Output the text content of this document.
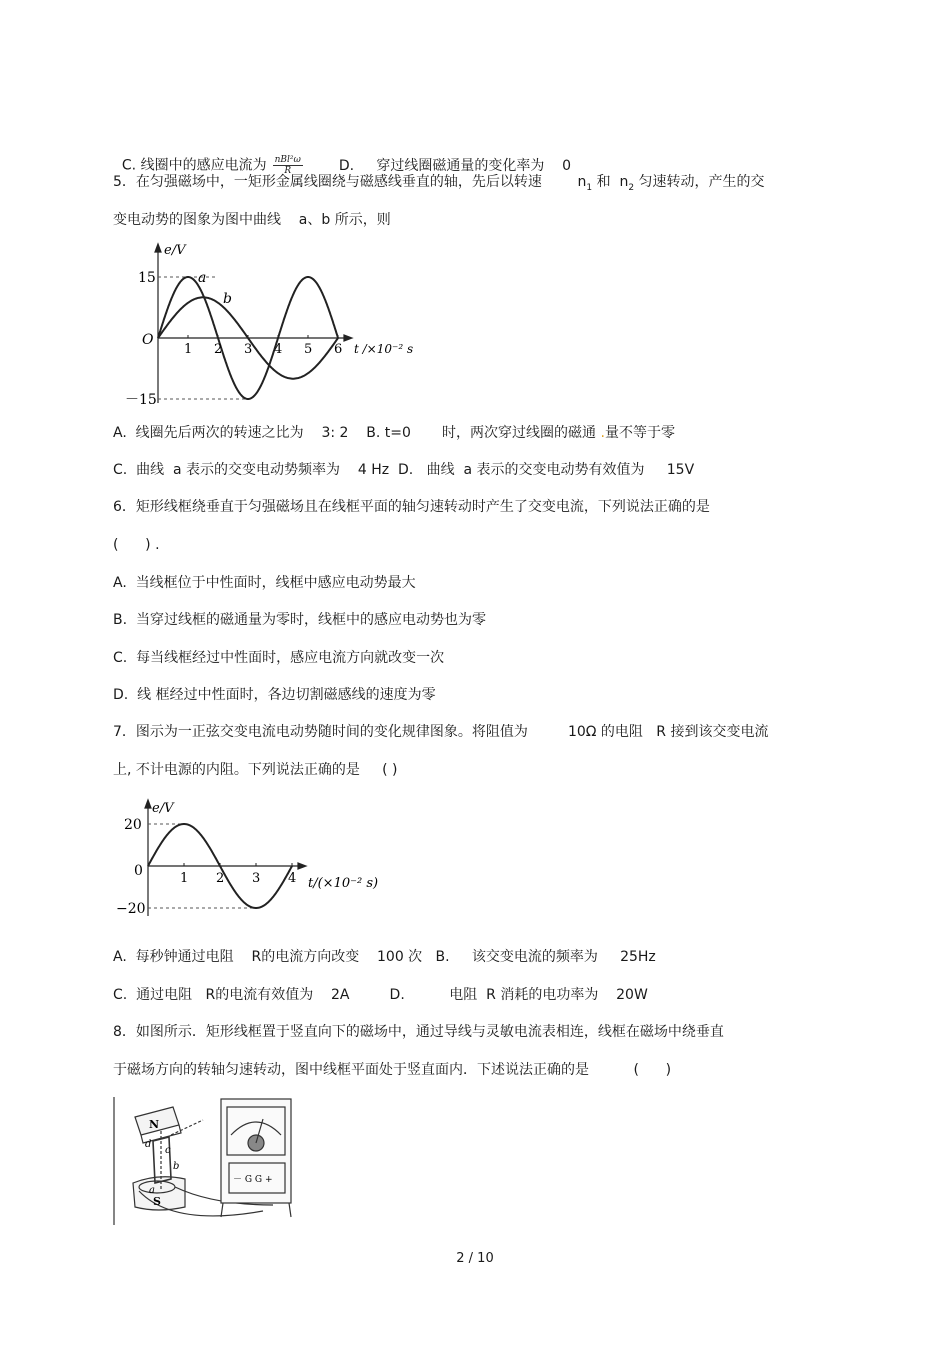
C. 线圈中的感应电流为 $\frac{\text{nBl²ω}}{R}$	D.     穿过线圈磁通量的变化率为    0

5．在匀强磁场中，一矩形金属线圈绕与磁感线垂直的轴，先后以转速        $n_1$ 和  $n_2$ 匀速转动，产生的交
变电动势的图象为图中曲线    a、b 所示，则
e/V
15
－15
O
a
b
1 2 3 4 5 6 t /×10⁻² s
A.  线圈先后两次的转速之比为    3: 2    B. t=0       时，两次穿过线圈的磁通 .量不等于零
C.  曲线  a 表示的交变电动势频率为    4 Hz  D.   曲线  a 表示的交变电动势有效值为     15V
6．矩形线框绕垂直于匀强磁场且在线框平面的轴匀速转动时产生了交变电流，下列说法正确的是
(      ) .
A.  当线框位于中性面时，线框中感应电动势最大
B.  当穿过线框的磁通量为零时，线框中的感应电动势也为零
C.  每当线框经过中性面时，感应电流方向就改变一次
D.  线 框经过中性面时，各边切割磁感线的速度为零
7．图示为一正弦交变电流电动势随时间的变化规律图象。将阻值为         10Ω 的电阻   R 接到该交变电流
上, 不计电源的内阻。下列说法正确的是     ( )
e/V
20
−20
0	1 2 3 4 t/(×10⁻² s)
A.  每秒钟通过电阻    R的电流方向改变    100 次   B.     该交变电流的频率为     25Hz
C.  通过电阻   R的电流有效值为    2A         D.          电阻  R 消耗的电功率为    20W
8．如图所示．矩形线框置于竖直向下的磁场中，通过导线与灵敏电流表相连，线框在磁场中绕垂直
于磁场方向的转轴匀速转动，图中线框平面处于竖直面内．下述说法正确的是          (      )
N
S
d
a
b
c
－ G G +
2 / 10
